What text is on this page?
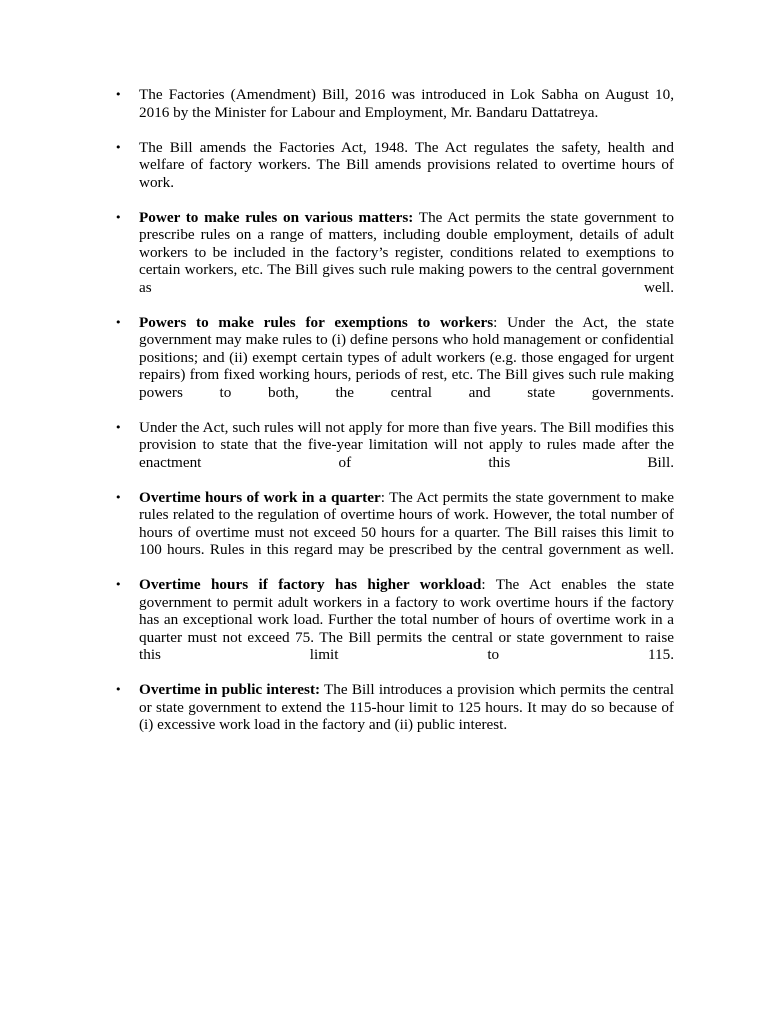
• The Factories (Amendment) Bill, 2016 was introduced in Lok Sabha on August 10, 2016 by the Minister for Labour and Employment, Mr. Bandaru Dattatreya.
• The Bill amends the Factories Act, 1948. The Act regulates the safety, health and welfare of factory workers. The Bill amends provisions related to overtime hours of work.
• Power to make rules on various matters: The Act permits the state government to prescribe rules on a range of matters, including double employment, details of adult workers to be included in the factory’s register, conditions related to exemptions to certain workers, etc. The Bill gives such rule making powers to the central government as well.
• Powers to make rules for exemptions to workers: Under the Act, the state government may make rules to (i) define persons who hold management or confidential positions; and (ii) exempt certain types of adult workers (e.g. those engaged for urgent repairs) from fixed working hours, periods of rest, etc. The Bill gives such rule making powers to both, the central and state governments.
• Under the Act, such rules will not apply for more than five years. The Bill modifies this provision to state that the five-year limitation will not apply to rules made after the enactment of this Bill.
• Overtime hours of work in a quarter: The Act permits the state government to make rules related to the regulation of overtime hours of work. However, the total number of hours of overtime must not exceed 50 hours for a quarter. The Bill raises this limit to 100 hours. Rules in this regard may be prescribed by the central government as well.
• Overtime hours if factory has higher workload: The Act enables the state government to permit adult workers in a factory to work overtime hours if the factory has an exceptional work load. Further the total number of hours of overtime work in a quarter must not exceed 75. The Bill permits the central or state government to raise this limit to 115.
• Overtime in public interest: The Bill introduces a provision which permits the central or state government to extend the 115-hour limit to 125 hours. It may do so because of (i) excessive work load in the factory and (ii) public interest.
